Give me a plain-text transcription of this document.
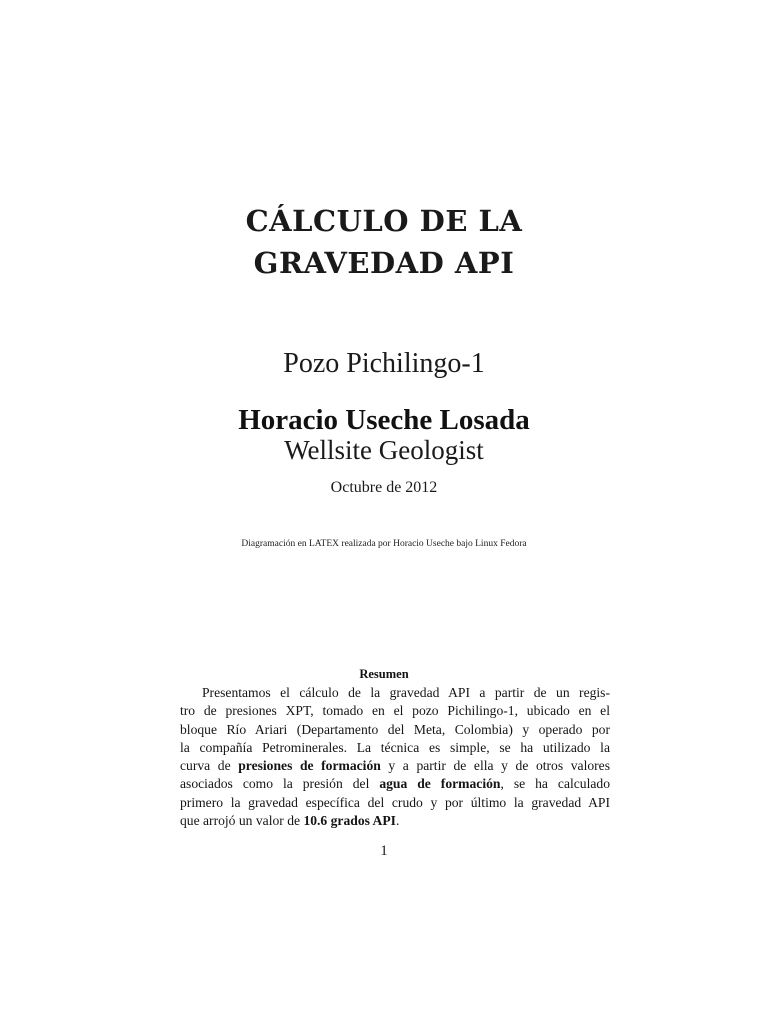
CÁLCULO DE LA
GRAVEDAD API
Pozo Pichilingo-1
Horacio Useche Losada
Wellsite Geologist
Octubre de 2012
Diagramación en LATEX realizada por Horacio Useche bajo Linux Fedora
Resumen
Presentamos el cálculo de la gravedad API a partir de un regis-
tro de presiones XPT, tomado en el pozo Pichilingo-1, ubicado en el
bloque Río Ariari (Departamento del Meta, Colombia) y operado por
la compañía Petrominerales. La técnica es simple, se ha utilizado la
curva de presiones de formación y a partir de ella y de otros valores
asociados como la presión del agua de formación, se ha calculado
primero la gravedad específica del crudo y por último la gravedad API
que arrojó un valor de 10.6 grados API.
1
